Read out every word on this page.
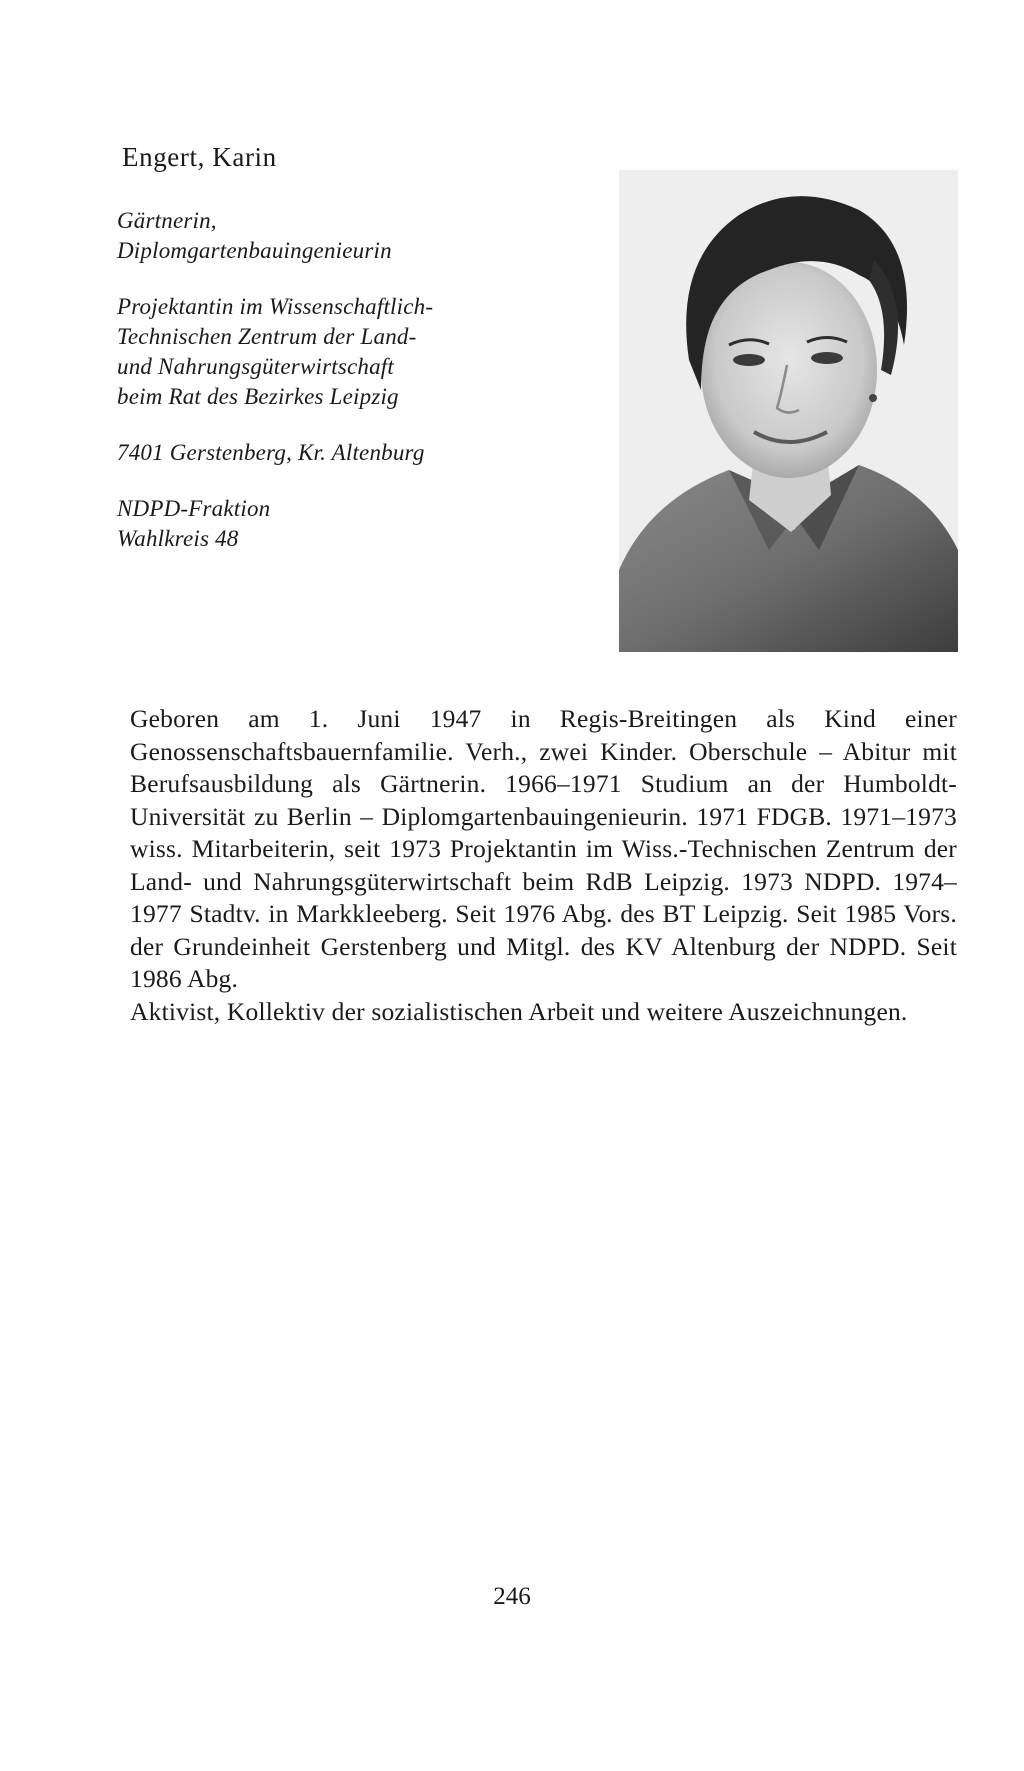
Engert, Karin
Gärtnerin,
Diplomgartenbauingenieurin
Projektantin im Wissenschaftlich-
Technischen Zentrum der Land-
und Nahrungsgüterwirtschaft
beim Rat des Bezirkes Leipzig
7401 Gerstenberg, Kr. Altenburg
NDPD-Fraktion
Wahlkreis 48

Geboren am 1. Juni 1947 in Regis-Breitingen als Kind einer Genossenschaftsbauernfamilie. Verh., zwei Kinder. Oberschule – Abitur mit Berufsausbildung als Gärtnerin. 1966–1971 Studium an der Humboldt-Universität zu Berlin – Diplomgartenbauingenieurin. 1971 FDGB. 1971–1973 wiss. Mitarbeiterin, seit 1973 Projektantin im Wiss.-Technischen Zentrum der Land- und Nahrungsgüterwirtschaft beim RdB Leipzig. 1973 NDPD. 1974–1977 Stadtv. in Markkleeberg. Seit 1976 Abg. des BT Leipzig. Seit 1985 Vors. der Grundeinheit Gerstenberg und Mitgl. des KV Altenburg der NDPD. Seit 1986 Abg.

Aktivist, Kollektiv der sozialistischen Arbeit und weitere Auszeichnungen.

246
